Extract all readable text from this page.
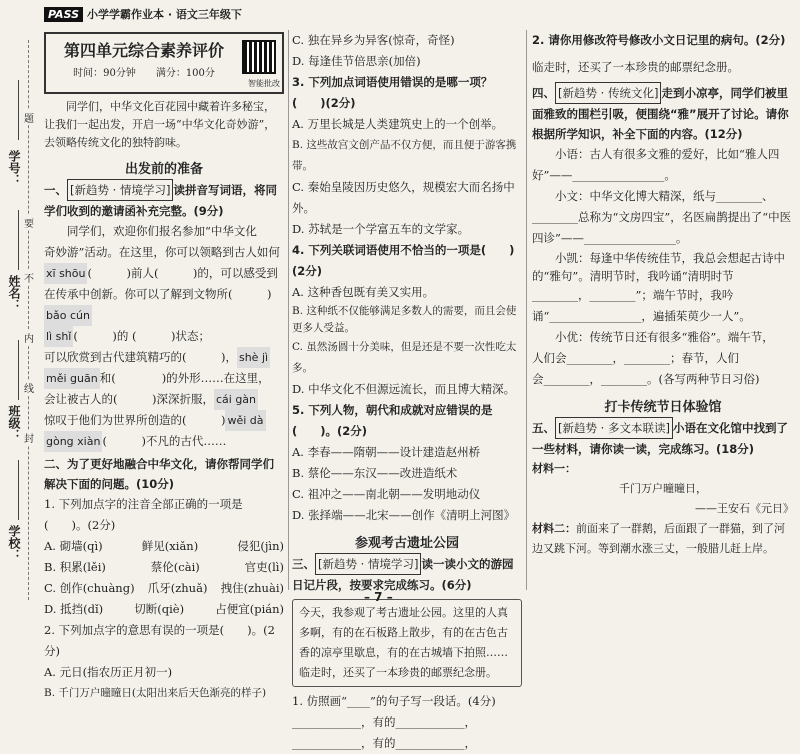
学号：
姓名：
班级：
学校：
题
要
不
内
线
封
PASS 小学学霸作业本 · 语文三年级下
第四单元综合素养评价
时间：90分钟　　满分：100分
智能批改
同学们，中华文化百花园中藏着许多秘宝，让我们一起出发，开启一场“中华文化奇妙游”，去领略传统文化的独特韵味。
出发前的准备
一、 [新趋势 · 情境学习] 读拼音写词语，将同学们收到的邀请函补充完整。(9分)
　　同学们，欢迎你们报名参加“中华文化
奇妙游”活动。在这里，你可以领略到古人如何
xī shōu (　　　)前人(　　　)的，可以感受到
在传承中创新。你可以了解到文物所(　　　)bǎo cún
lì shǐ (　　　)的 (　　　)状态；
可以欣赏到古代建筑精巧的(　　　)， shè jì
měi guān 和(　　　　)的外形……在这里，
会让被古人的(　　　)深深折服， cái gàn
惊叹于他们为世界所创造的(　　　) wěi dà
gòng xiàn (　　　)不凡的古代……
二、为了更好地融合中华文化，请你帮同学们解决下面的问题。(10分)
1. 下列加点字的注音全部正确的一项是(　　)。(2分)
A. 砌墙(qì)	鲜见(xiǎn)	侵犯(jìn)
B. 积累(lěi)	蔡伦(cài)	官吏(lì)
C. 创作(chuàng) 爪牙(zhuǎ) 拽住(zhuài)
D. 抵挡(dǐ)	切断(qiè)	占便宜(pián)
2. 下列加点字的意思有误的一项是(　　)。(2分)
A. 元日(指农历正月初一)
B. 千门万户曈曈日(太阳出来后天色渐亮的样子)
C. 独在异乡为异客(惊奇，奇怪)
D. 每逢佳节倍思亲(加倍)
3. 下列加点词语使用错误的是哪一项？(　　)(2分)
A. 万里长城是人类建筑史上的一个创举。
B. 这些故宫文创产品不仅方便，而且便于游客携带。
C. 秦始皇陵因历史悠久，规模宏大而名扬中外。
D. 苏轼是一个学富五车的文学家。
4. 下列关联词语使用不恰当的一项是(　　)(2分)
A. 这种香包既有美又实用。
B. 这种纸不仅能够满足多数人的需要，而且会使更多人受益。
C. 虽然汤圆十分美味，但是还是不要一次性吃太多。
D. 中华文化不但源远流长，而且博大精深。
5. 下列人物，朝代和成就对应错误的是(　　)。(2分)
A. 李春——隋朝——设计建造赵州桥
B. 蔡伦——东汉——改进造纸术
C. 祖冲之——南北朝——发明地动仪
D. 张择端——北宋——创作《清明上河图》
参观考古遗址公园
三、 [新趋势 · 情境学习] 读一读小文的游园日记片段，按要求完成练习。(6分)
今天，我参观了考古遗址公园。这里的人真多啊，有的在石板路上散步，有的在古色古香的凉亭里歇息，有的在古城墙下拍照……临走时，还买了一本珍贵的邮票纪念册。
1. 仿照画“____”的句子写一段话。(4分)
____________，有的____________，
____________，有的____________，
2. 请你用修改符号修改小文日记里的病句。(2分)
临走时，还买了一本珍贵的邮票纪念册。
四、 [新趋势 · 传统文化] 走到小凉亭，同学们被里面雅致的围栏引吸，便围绕“雅”展开了讨论。请你根据所学知识，补全下面的内容。(12分)
　　小语：古人有很多文雅的爱好，比如“雅人四
好”——________________。
　　小文：中华文化博大精深，纸与________、
________总称为“文房四宝”，名医扁鹊提出了“中医
四诊”——________________。
　　小凯：每逢中华传统佳节，我总会想起古诗中的“雅句”。清明节时，我吟诵“清明时节
________，________”；端午节时，我吟
诵“________________，遍插茱萸少一人”。
　　小优：传统节日还有很多“雅俗”。端午节，
人们会________，________；春节，人们
会________，________。(各写两种节日习俗)
打卡传统节日体验馆
五、 [新趋势 · 多文本联读] 小语在文化馆中找到了一些材料，请你读一读，完成练习。(18分)
材料一：
千门万户曈曈日，
——王安石《元日》
材料二：前面来了一群鹅，后面跟了一群猫，到了河边又跳下河。等到潮水涨三丈，一般腊儿赶上岸。
– 7 –
